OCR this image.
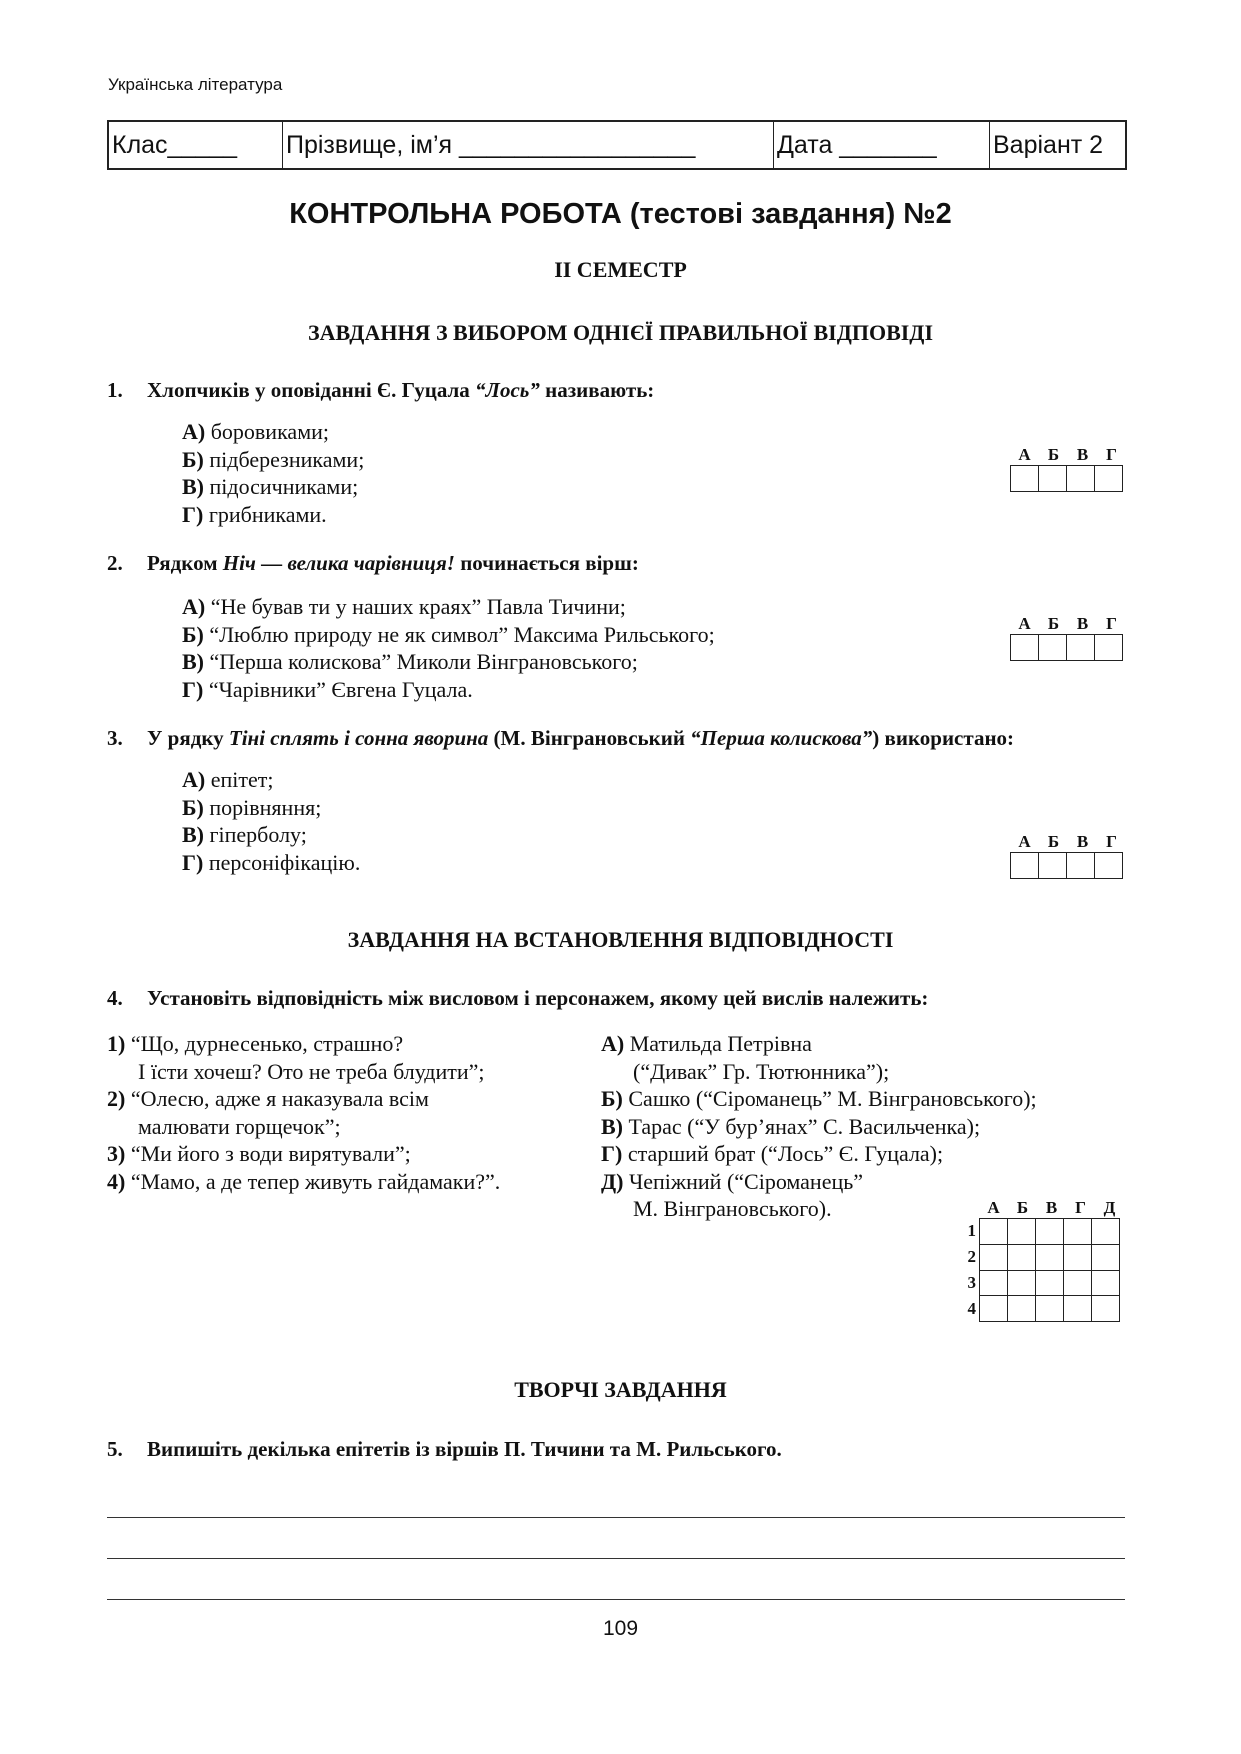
Українська література
Клас_____	Прізвище, ім’я _________________	Дата _______	Варіант 2
КОНТРОЛЬНА РОБОТА (тестові завдання) №2
II СЕМЕСТР
ЗАВДАННЯ З ВИБОРОМ ОДНІЄЇ ПРАВИЛЬНОЇ ВІДПОВІДІ
1. Хлопчиків у оповіданні Є. Гуцала “Лось” називають:
А) боровиками;
Б) підберезниками;
В) підосичниками;
Г) грибниками.
А	Б	В	Г

2. Рядком Ніч — велика чарівниця! починається вірш:
А) “Не бував ти у наших краях” Павла Тичини;
Б) “Люблю природу не як символ” Максима Рильського;
В) “Перша колискова” Миколи Вінграновського;
Г) “Чарівники” Євгена Гуцала.
А	Б	В	Г

3. У рядку Тіні сплять і сонна яворина (М. Вінграновський “Перша колискова”) використано:
А) епітет;
Б) порівняння;
В) гіперболу;
Г) персоніфікацію.
А	Б	В	Г

ЗАВДАННЯ НА ВСТАНОВЛЕННЯ ВІДПОВІДНОСТІ
4. Установіть відповідність між висловом і персонажем, якому цей вислів належить:
1) “Що, дурнесенько, страшно?
І їсти хочеш? Ото не треба блудити”;
2) “Олесю, адже я наказувала всім
малювати горщечок”;
3) “Ми його з води вирятували”;
4) “Мамо, а де тепер живуть гайдамаки?”.
А) Матильда Петрівна
(“Дивак” Гр. Тютюнника”);
Б) Сашко (“Сіроманець” М. Вінграновського);
В) Тарас (“У бур’янах” С. Васильченка);
Г) старший брат (“Лось” Є. Гуцала);
Д) Чепіжний (“Сіроманець”
М. Вінграновського).	А	Б	В	Г	Д
1
2
3
4

ТВОРЧІ ЗАВДАННЯ
5. Випишіть декілька епітетів із віршів П. Тичини та М. Рильського.
109
